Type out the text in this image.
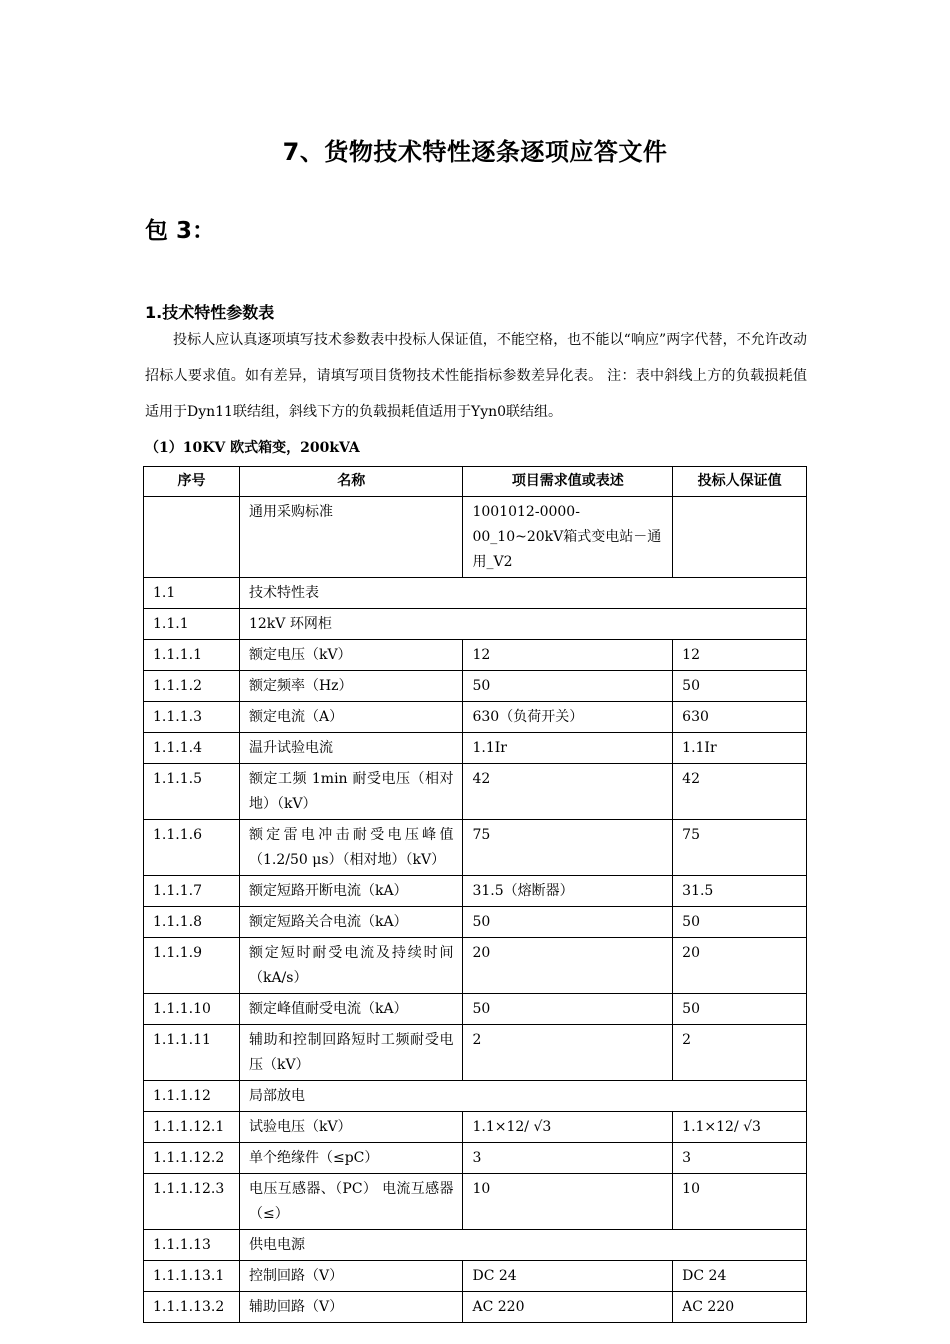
7、货物技术特性逐条逐项应答文件
包 3：
1.技术特性参数表
投标人应认真逐项填写技术参数表中投标人保证值，不能空格，也不能以“响应”两字代替，不允许改动招标人要求值。如有差异，请填写项目货物技术性能指标参数差异化表。 注：表中斜线上方的负载损耗值适用于Dyn11联结组，斜线下方的负载损耗值适用于Yyn0联结组。
（1）10KV 欧式箱变，200kVA
序号	名称	项目需求值或表述	投标人保证值
	通用采购标准	1001012-0000-00_10~20kV箱式变电站－通用_V2	
1.1	技术特性表		
1.1.1	12kV 环网柜		
1.1.1.1	额定电压（kV）	12	12
1.1.1.2	额定频率（Hz）	50	50
1.1.1.3	额定电流（A）	630（负荷开关）	630
1.1.1.4	温升试验电流	1.1Ir	1.1Ir
1.1.1.5	额定工频 1min 耐受电压（相对地）（kV）	42	42
1.1.1.6	额定雷电冲击耐受电压峰值（1.2/50 μs）（相对地）（kV）	75	75
1.1.1.7	额定短路开断电流（kA）	31.5（熔断器）	31.5
1.1.1.8	额定短路关合电流（kA）	50	50
1.1.1.9	额定短时耐受电流及持续时间（kA/s）	20	20
1.1.1.10	额定峰值耐受电流（kA）	50	50
1.1.1.11	辅助和控制回路短时工频耐受电压（kV）	2	2
1.1.1.12	局部放电		
1.1.1.12.1	试验电压（kV）	1.1×12/ √3	1.1×12/ √3
1.1.1.12.2	单个绝缘件（≤pC）	3	3
1.1.1.12.3	电压互感器、（PC） 电流互感器 （≤）	10	10
1.1.1.13	供电电源		
1.1.1.13.1	控制回路（V）	DC 24	DC 24
1.1.1.13.2	辅助回路（V）	AC 220	AC 220
